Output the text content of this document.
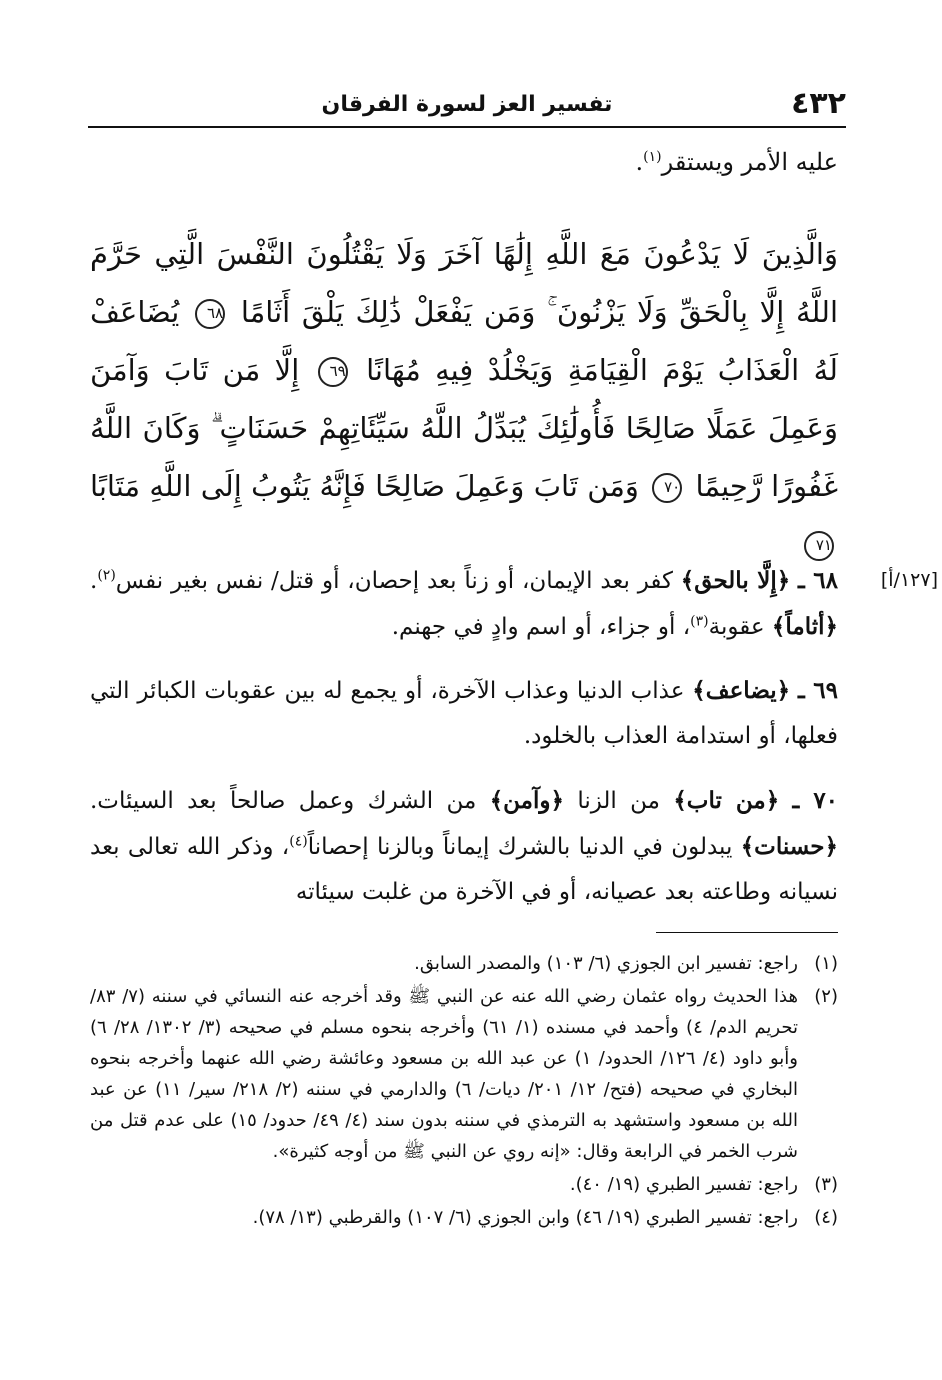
٤٣٢
تفسير العز لسورة الفرقان
عليه الأمر ويستقر$^{(١)}$.
وَالَّذِينَ لَا يَدْعُونَ مَعَ اللَّهِ إِلَٰهًا آخَرَ وَلَا يَقْتُلُونَ النَّفْسَ الَّتِي حَرَّمَ اللَّهُ إِلَّا بِالْحَقِّ وَلَا يَزْنُونَ ۚ وَمَن يَفْعَلْ ذَٰلِكَ يَلْقَ أَثَامًا ٦٨ يُضَاعَفْ لَهُ الْعَذَابُ يَوْمَ الْقِيَامَةِ وَيَخْلُدْ فِيهِ مُهَانًا ٦٩ إِلَّا مَن تَابَ وَآمَنَ وَعَمِلَ عَمَلًا صَالِحًا فَأُولَٰئِكَ يُبَدِّلُ اللَّهُ سَيِّئَاتِهِمْ حَسَنَاتٍ ۗ وَكَانَ اللَّهُ غَفُورًا رَّحِيمًا ٧٠ وَمَن تَابَ وَعَمِلَ صَالِحًا فَإِنَّهُ يَتُوبُ إِلَى اللَّهِ مَتَابًا ٧١
[١٢٧/أ]
٦٨ ـ ﴿إِلَّا بالحق﴾ كفر بعد الإيمان، أو زناً بعد إحصان، أو قتل/ نفس بغير نفس$^{(٢)}$. ﴿أثاماً﴾ عقوبة$^{(٣)}$، أو جزاء، أو اسم وادٍ في جهنم.
٦٩ ـ ﴿يضاعف﴾ عذاب الدنيا وعذاب الآخرة، أو يجمع له بين عقوبات الكبائر التي فعلها، أو استدامة العذاب بالخلود.
٧٠ ـ ﴿من تاب﴾ من الزنا ﴿وآمن﴾ من الشرك وعمل صالحاً بعد السيئات. ﴿حسنات﴾ يبدلون في الدنيا بالشرك إيماناً وبالزنا إحصاناً$^{(٤)}$، وذكر الله تعالى بعد نسيانه وطاعته بعد عصيانه، أو في الآخرة من غلبت سيئاته
(١)
راجع: تفسير ابن الجوزي (٦/ ١٠٣) والمصدر السابق.
(٢)
هذا الحديث رواه عثمان رضي الله عنه عن النبي ﷺ وقد أخرجه عنه النسائي في سننه (٧/ ٨٣/ تحريم الدم/ ٤) وأحمد في مسنده (١/ ٦١) وأخرجه بنحوه مسلم في صحيحه (٣/ ١٣٠٢/ ٢٨/ ٦) وأبو داود (٤/ ١٢٦/ الحدود/ ١) عن عبد الله بن مسعود وعائشة رضي الله عنهما وأخرجه بنحوه البخاري في صحيحه (فتح/ ١٢/ ٢٠١/ ديات/ ٦) والدارمي في سننه (٢/ ٢١٨/ سير/ ١١) عن عبد الله بن مسعود واستشهد به الترمذي في سننه بدون سند (٤/ ٤٩/ حدود/ ١٥) على عدم قتل من شرب الخمر في الرابعة وقال: «إنه روي عن النبي ﷺ من أوجه كثيرة».
(٣)
راجع: تفسير الطبري (١٩/ ٤٠).
(٤)
راجع: تفسير الطبري (١٩/ ٤٦) وابن الجوزي (٦/ ١٠٧) والقرطبي (١٣/ ٧٨).
